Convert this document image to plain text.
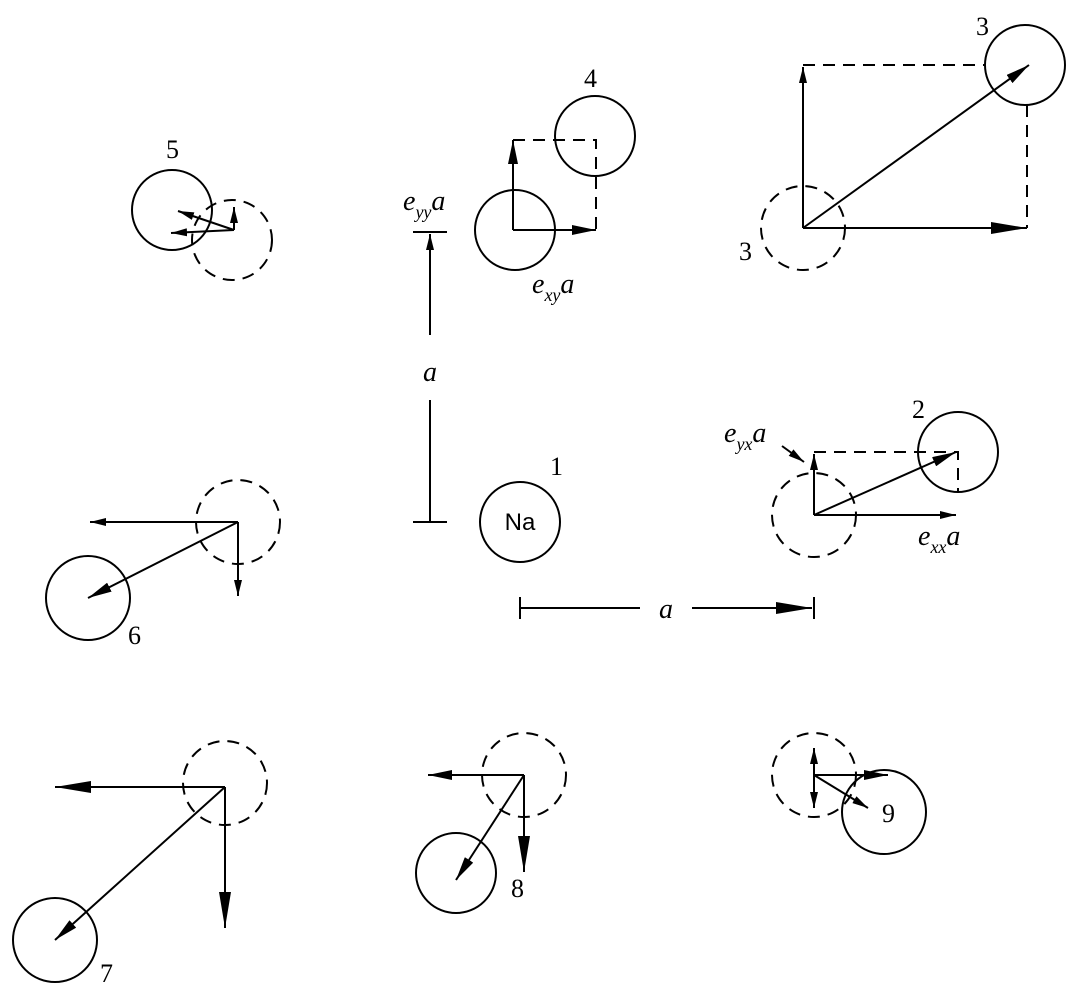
Na
1
a
a
2
eyxa
exxa
3
3
4
eyya
exya
5
6
7
8
9
